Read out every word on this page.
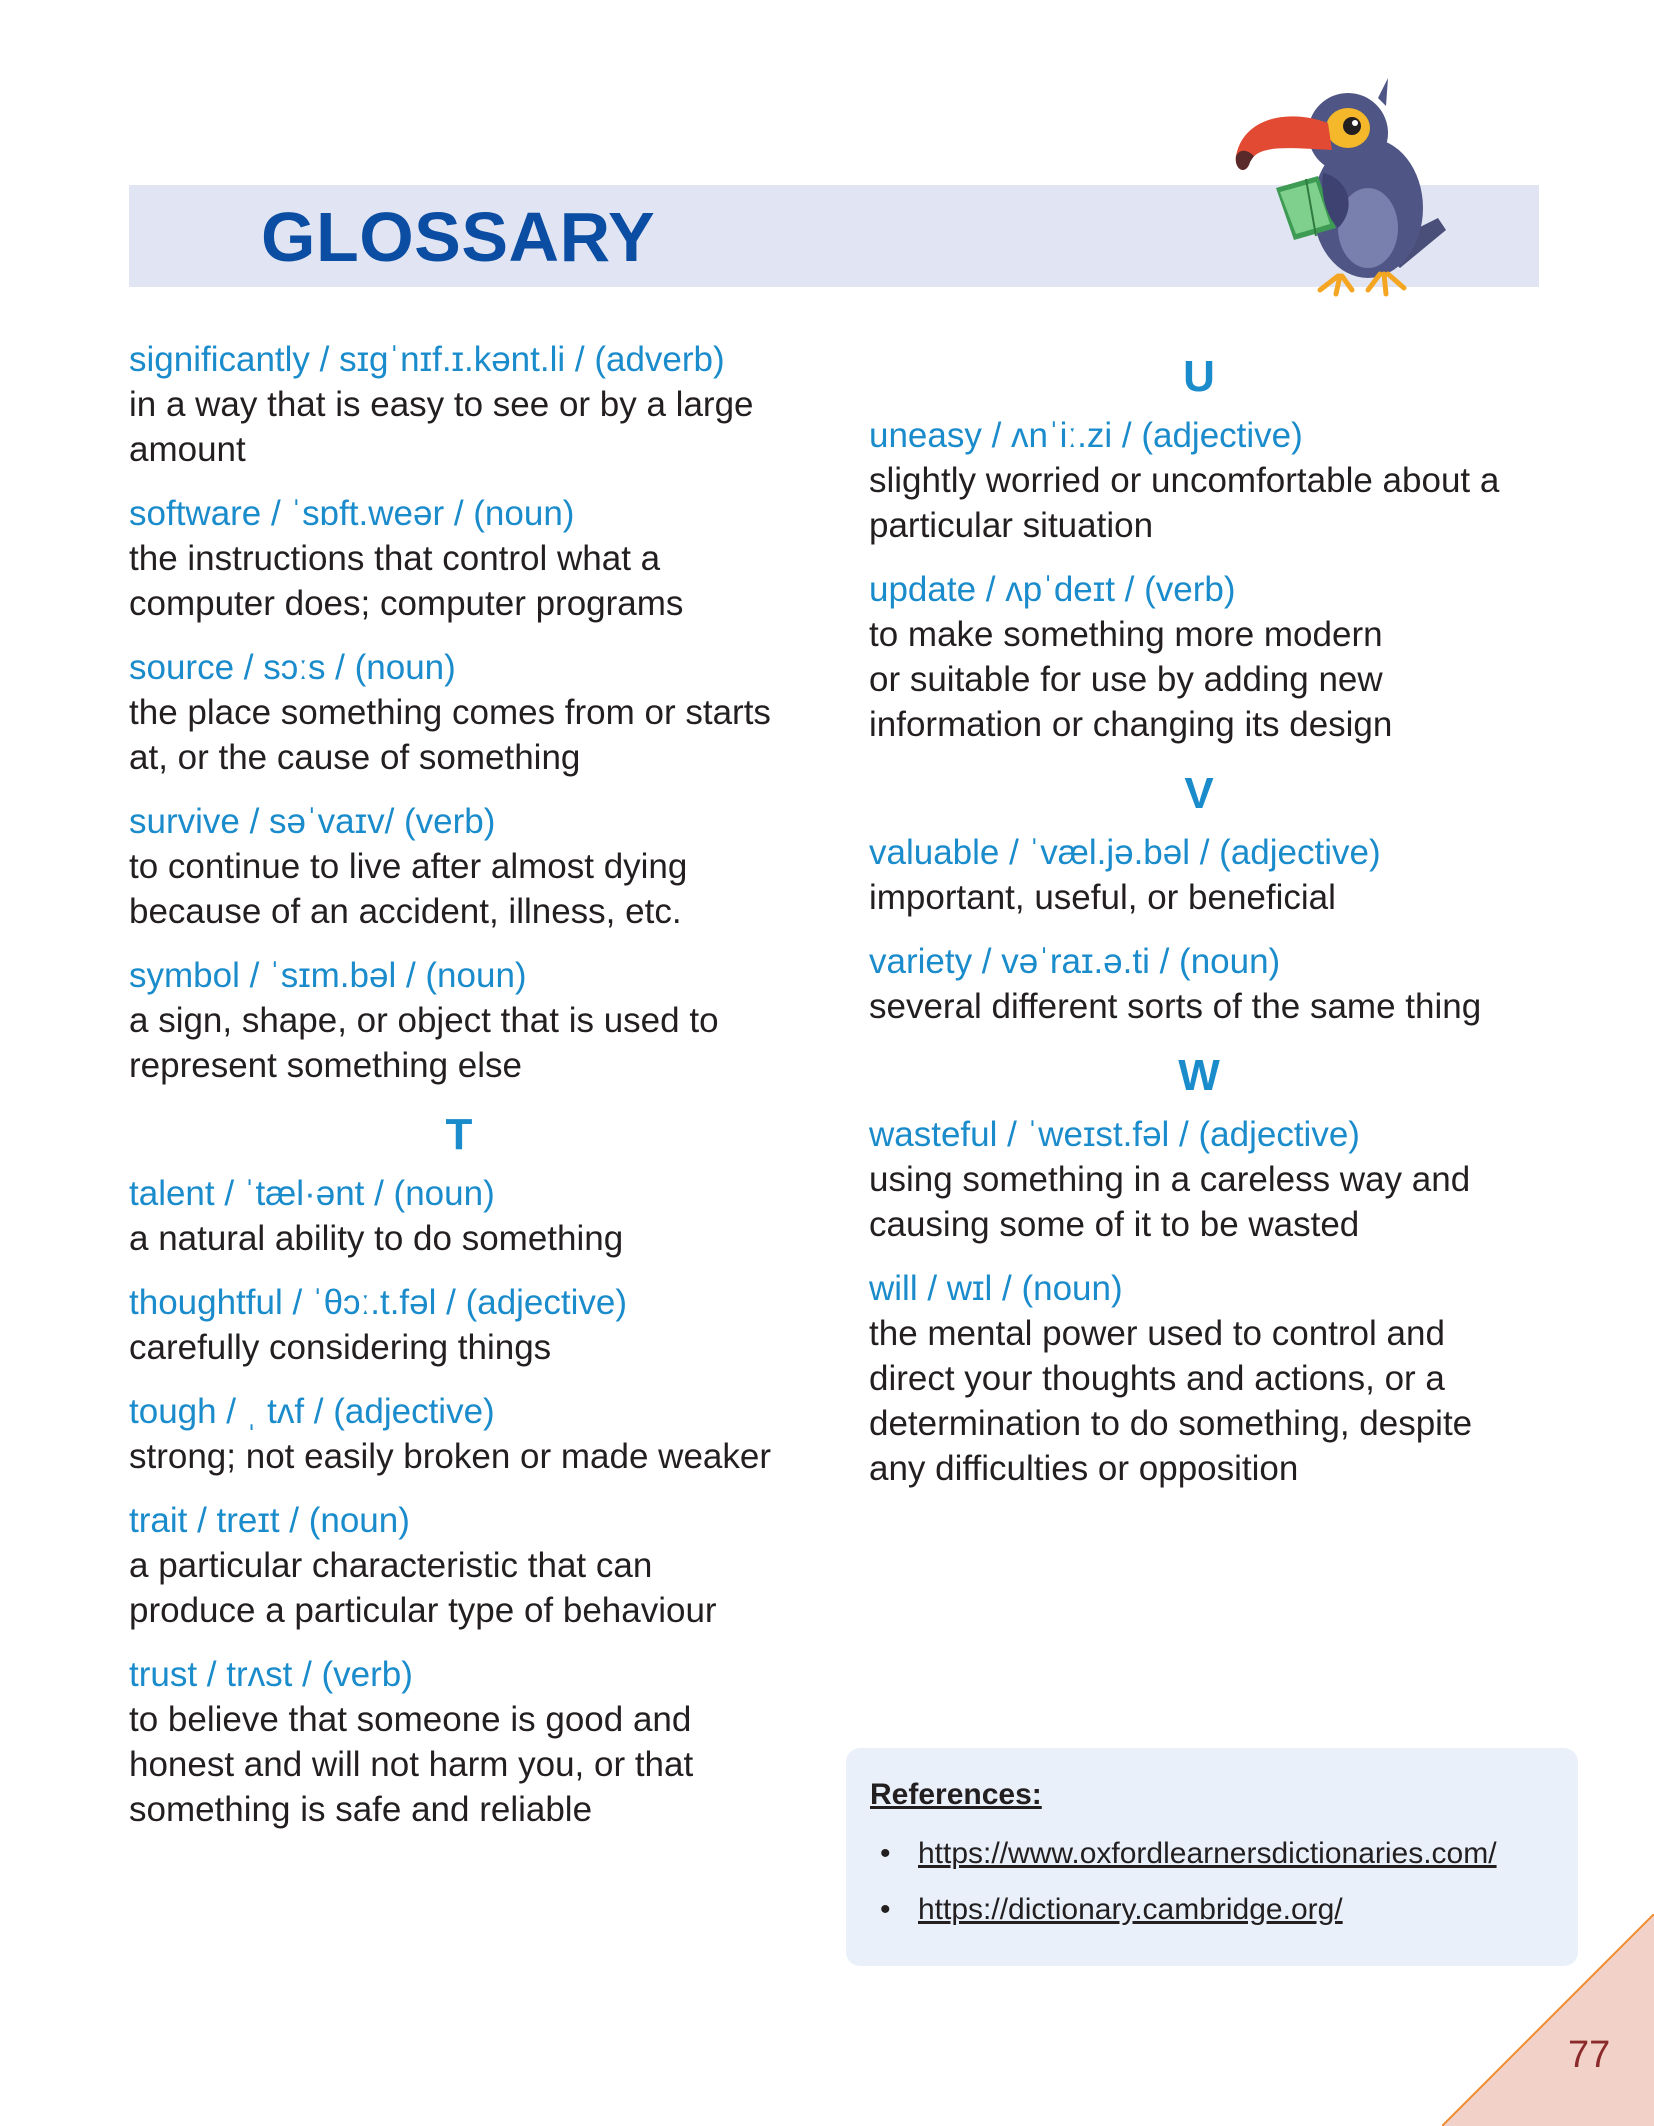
GLOSSARY
significantly / sɪɡˈnɪf.ɪ.kənt.li / (adverb)
in a way that is easy to see or by a large
amount
software / ˈsɒft.weər / (noun)
the instructions that control what a
computer does; computer programs
source / sɔːs / (noun)
the place something comes from or starts
at, or the cause of something
survive / səˈvaɪv/ (verb)
to continue to live after almost dying
because of an accident, illness, etc.
symbol / ˈsɪm.bəl / (noun)
a sign, shape, or object that is used to
represent something else
T
talent / ˈtæl·ənt / (noun)
a natural ability to do something
thoughtful / ˈθɔː.t.fəl / (adjective)
carefully considering things
tough / ˌ tʌf / (adjective)
strong; not easily broken or made weaker
trait / treɪt / (noun)
a particular characteristic that can
produce a particular type of behaviour
trust / trʌst / (verb)
to believe that someone is good and
honest and will not harm you, or that
something is safe and reliable
U
uneasy / ʌnˈiː.zi / (adjective)
slightly worried or uncomfortable about a
particular situation
update / ʌpˈdeɪt / (verb)
to make something more modern
or suitable for use by adding new
information or changing its design
V
valuable / ˈvæl.jə.bəl / (adjective)
important, useful, or beneficial
variety / vəˈraɪ.ə.ti / (noun)
several different sorts of the same thing
W
wasteful / ˈweɪst.fəl / (adjective)
using something in a careless way and
causing some of it to be wasted
will / wɪl / (noun)
the mental power used to control and
direct your thoughts and actions, or a
determination to do something, despite
any difficulties or opposition
References:
• https://www.oxfordlearnersdictionaries.com/
• https://dictionary.cambridge.org/
77
